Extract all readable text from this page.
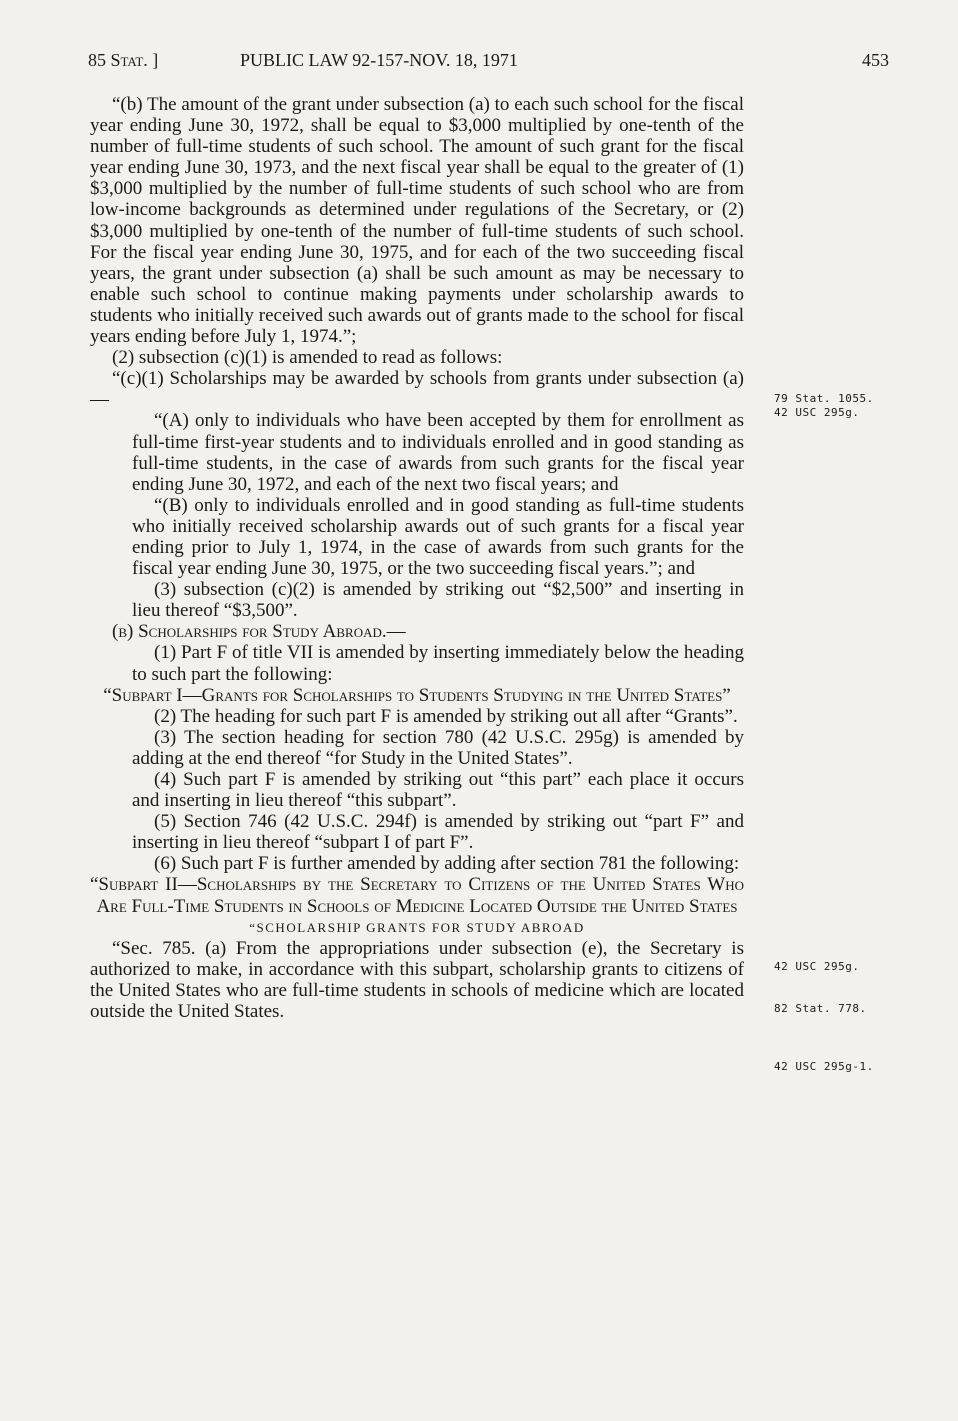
85 Stat. ]	PUBLIC LAW 92-157-NOV. 18, 1971	453

“(b) The amount of the grant under subsection (a) to each such school for the fiscal year ending June 30, 1972, shall be equal to $3,000 multiplied by one-tenth of the number of full-time students of such school. The amount of such grant for the fiscal year ending June 30, 1973, and the next fiscal year shall be equal to the greater of (1) $3,000 multiplied by the number of full-time students of such school who are from low-income backgrounds as determined under regulations of the Secretary, or (2) $3,000 multiplied by one-tenth of the number of full-time students of such school. For the fiscal year ending June 30, 1975, and for each of the two succeeding fiscal years, the grant under subsection (a) shall be such amount as may be necessary to enable such school to continue making payments under scholarship awards to students who initially received such awards out of grants made to the school for fiscal years ending before July 1, 1974.”;

(2) subsection (c)(1) is amended to read as follows:

“(c)(1) Scholarships may be awarded by schools from grants under subsection (a)—

“(A) only to individuals who have been accepted by them for enrollment as full-time first-year students and to individuals enrolled and in good standing as full-time students, in the case of awards from such grants for the fiscal year ending June 30, 1972, and each of the next two fiscal years; and

“(B) only to individuals enrolled and in good standing as full-time students who initially received scholarship awards out of such grants for a fiscal year ending prior to July 1, 1974, in the case of awards from such grants for the fiscal year ending June 30, 1975, or the two succeeding fiscal years.”; and

(3) subsection (c)(2) is amended by striking out “$2,500” and inserting in lieu thereof “$3,500”.

(b) Scholarships for Study Abroad.—

(1) Part F of title VII is amended by inserting immediately below the heading to such part the following:

“Subpart I—Grants for Scholarships to Students Studying in the United States”

(2) The heading for such part F is amended by striking out all after “Grants”.

(3) The section heading for section 780 (42 U.S.C. 295g) is amended by adding at the end thereof “for Study in the United States”.

(4) Such part F is amended by striking out “this part” each place it occurs and inserting in lieu thereof “this subpart”.

(5) Section 746 (42 U.S.C. 294f) is amended by striking out “part F” and inserting in lieu thereof “subpart I of part F”.

(6) Such part F is further amended by adding after section 781 the following:

“Subpart II—Scholarships by the Secretary to Citizens of the United States Who Are Full-Time Students in Schools of Medicine Located Outside the United States

“SCHOLARSHIP GRANTS FOR STUDY ABROAD

“Sec. 785. (a) From the appropriations under subsection (e), the Secretary is authorized to make, in accordance with this subpart, scholarship grants to citizens of the United States who are full-time students in schools of medicine which are located outside the United States.

79 Stat. 1055.
42 USC 295g.
42 USC 295g.
82 Stat. 778.
42 USC 295g-1.
